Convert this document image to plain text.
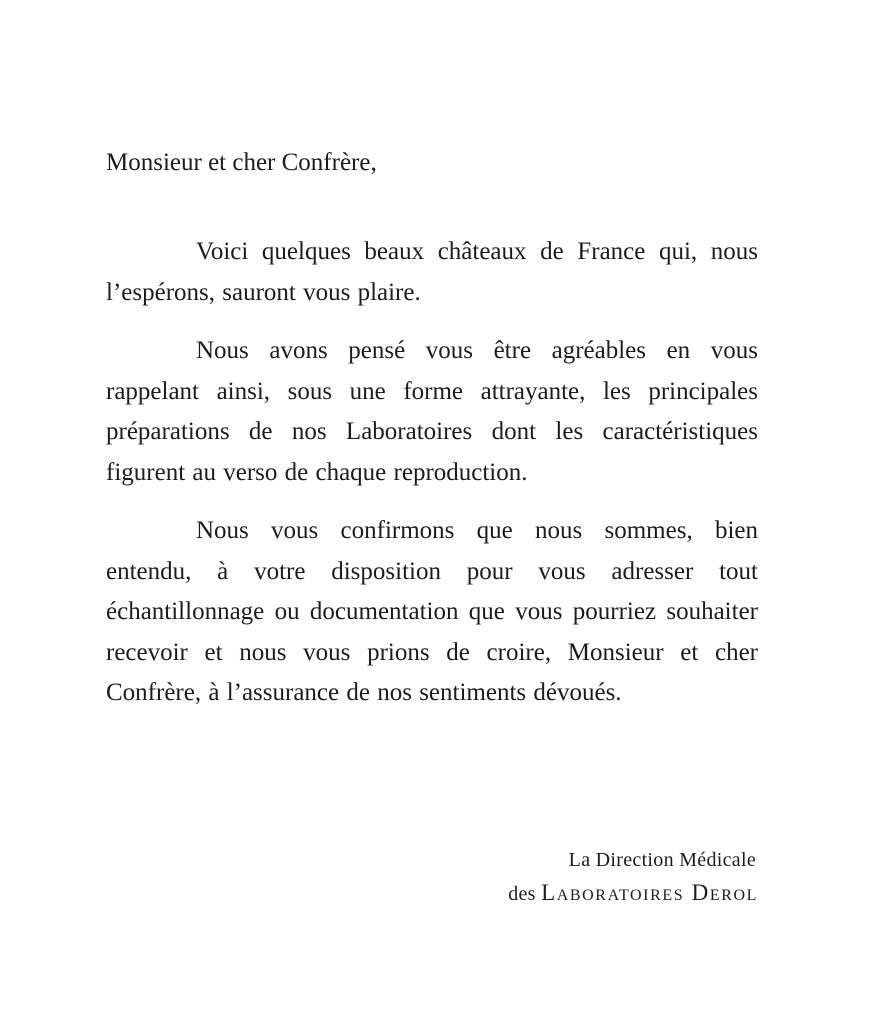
Monsieur et cher Confrère,

Voici quelques beaux châteaux de France qui, nous l’espérons, sauront vous plaire.

Nous avons pensé vous être agréables en vous rappelant ainsi, sous une forme attrayante, les principales préparations de nos Laboratoires dont les caractéristiques figurent au verso de chaque reproduction.

Nous vous confirmons que nous sommes, bien entendu, à votre disposition pour vous adresser tout échantillonnage ou documentation que vous pourriez souhaiter recevoir et nous vous prions de croire, Monsieur et cher Confrère, à l’assurance de nos sentiments dévoués.

La Direction Médicale
des Laboratoires Derol
